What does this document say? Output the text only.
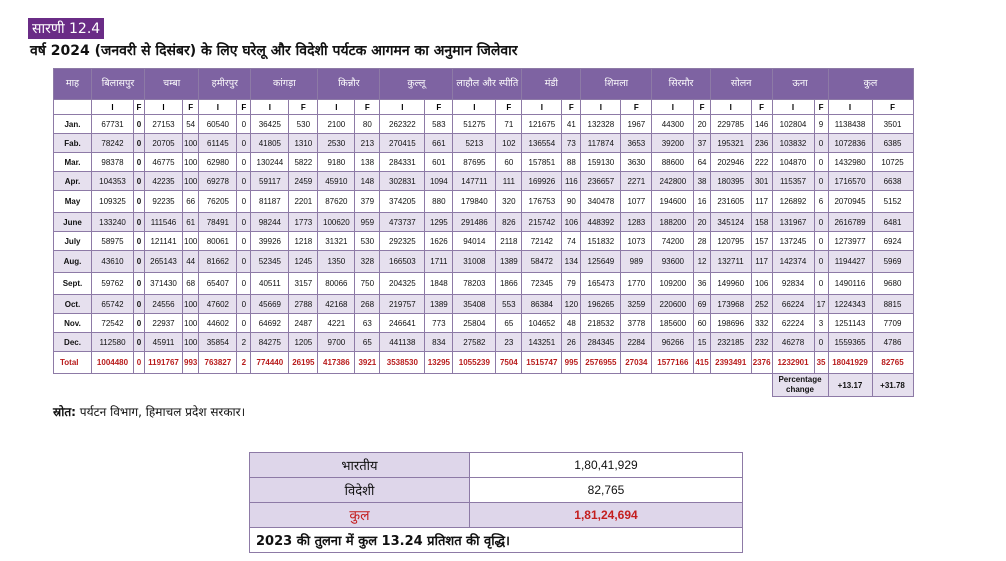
सारणी 12.4
वर्ष 2024 (जनवरी से दिसंबर) के लिए घरेलू और विदेशी पर्यटक आगमन का अनुमान जिलेवार
माह	बिलासपुर		चम्बा		हमीरपुर		कांगड़ा		किन्नौर		कुल्लू		लाहौल और स्पीति		मंडी		शिमला		सिरमौर		सोलन		ऊना		कुल	
	I	F	I	F	I	F	I	F	I	F	I	F	I	F	I	F	I	F	I	F	I	F	I	F	I	F
Jan.	67731	0	27153	54	60540	0	36425	530	2100	80	262322	583	51275	71	121675	41	132328	1967	44300	20	229785	146	102804	9	1138438	3501
Fab.	78242	0	20705	100	61145	0	41805	1310	2530	213	270415	661	5213	102	136554	73	117874	3653	39200	37	195321	236	103832	0	1072836	6385
Mar.	98378	0	46775	100	62980	0	130244	5822	9180	138	284331	601	87695	60	157851	88	159130	3630	88600	64	202946	222	104870	0	1432980	10725
Apr.	104353	0	42235	100	69278	0	59117	2459	45910	148	302831	1094	147711	111	169926	116	236657	2271	242800	38	180395	301	115357	0	1716570	6638
May	109325	0	92235	66	76205	0	81187	2201	87620	379	374205	880	179840	320	176753	90	340478	1077	194600	16	231605	117	126892	6	2070945	5152
June	133240	0	111546	61	78491	0	98244	1773	100620	959	473737	1295	291486	826	215742	106	448392	1283	188200	20	345124	158	131967	0	2616789	6481
July	58975	0	121141	100	80061	0	39926	1218	31321	530	292325	1626	94014	2118	72142	74	151832	1073	74200	28	120795	157	137245	0	1273977	6924
Aug.	43610	0	265143	44	81662	0	52345	1245	1350	328	166503	1711	31008	1389	58472	134	125649	989	93600	12	132711	117	142374	0	1194427	5969
Sept.	59762	0	371430	68	65407	0	40511	3157	80066	750	204325	1848	78203	1866	72345	79	165473	1770	109200	36	149960	106	92834	0	1490116	9680
Oct.	65742	0	24556	100	47602	0	45669	2788	42168	268	219757	1389	35408	553	86384	120	196265	3259	220600	69	173968	252	66224	17	1224343	8815
Nov.	72542	0	22937	100	44602	0	64692	2487	4221	63	246641	773	25804	65	104652	48	218532	3778	185600	60	198696	332	62224	3	1251143	7709
Dec.	112580	0	45911	100	35854	2	84275	1205	9700	65	441138	834	27582	23	143251	26	284345	2284	96266	15	232185	232	46278	0	1559365	4786
Total	1004480	0	1191767	993	763827	2	774440	26195	417386	3921	3538530	13295	1055239	7504	1515747	995	2576955	27034	1577166	415	2393491	2376	1232901	35	18041929	82765
																							Percentage change		+13.17	+31.78
स्रोत: पर्यटन विभाग, हिमाचल प्रदेश सरकार।
भारतीय	1,80,41,929
विदेशी	82,765
कुल	1,81,24,694
2023 की तुलना में कुल 13.24 प्रतिशत की वृद्धि।	
